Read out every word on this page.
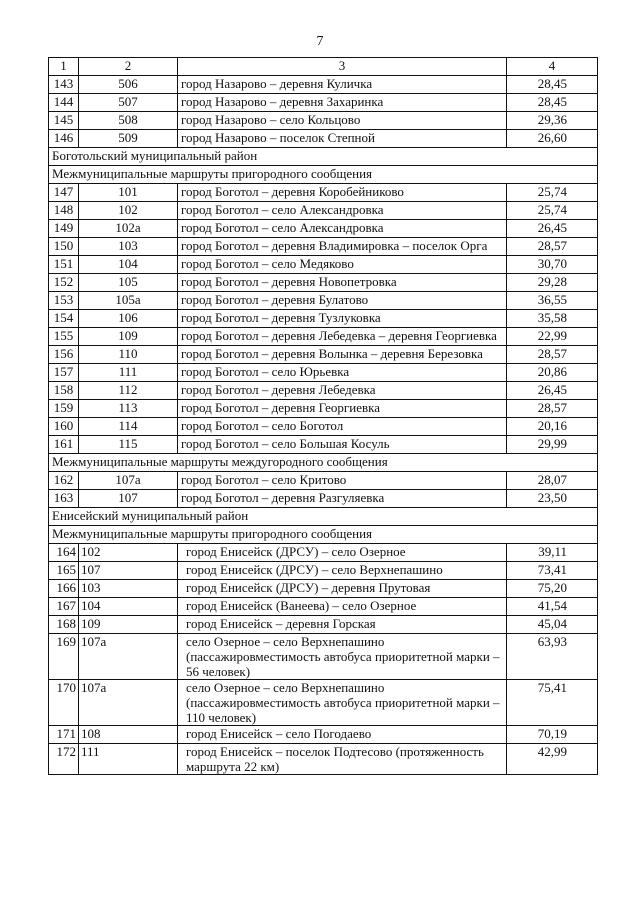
7
1	2	3	4
143	506	город Назарово – деревня Куличка	28,45
144	507	город Назарово – деревня Захаринка	28,45
145	508	город Назарово – село Кольцово	29,36
146	509	город Назарово – поселок Степной	26,60
Боготольский муниципальный район			
Межмуниципальные маршруты пригородного сообщения			
147	101	город Боготол – деревня Коробейниково	25,74
148	102	город Боготол – село Александровка	25,74
149	102а	город Боготол – село Александровка	26,45
150	103	город Боготол – деревня Владимировка – поселок Орга	28,57
151	104	город Боготол – село Медяково	30,70
152	105	город Боготол – деревня Новопетровка	29,28
153	105а	город Боготол – деревня Булатово	36,55
154	106	город Боготол – деревня Тузлуковка	35,58
155	109	город Боготол – деревня Лебедевка – деревня Георгиевка	22,99
156	110	город Боготол – деревня Волынка – деревня Березовка	28,57
157	111	город Боготол – село Юрьевка	20,86
158	112	город Боготол – деревня Лебедевка	26,45
159	113	город Боготол – деревня Георгиевка	28,57
160	114	город Боготол – село Боготол	20,16
161	115	город Боготол – село Большая Косуль	29,99
Межмуниципальные маршруты междугородного сообщения			
162	107а	город Боготол – село Критово	28,07
163	107	город Боготол – деревня Разгуляевка	23,50
Енисейский муниципальный район			
Межмуниципальные маршруты пригородного сообщения			
164	102	город Енисейск (ДРСУ) – село Озерное	39,11
165	107	город Енисейск (ДРСУ) – село Верхнепашино	73,41
166	103	город Енисейск (ДРСУ) – деревня Прутовая	75,20
167	104	город Енисейск (Ванеева) – село Озерное	41,54
168	109	город Енисейск – деревня Горская	45,04
169	107а	село Озерное – село Верхнепашино (пассажировместимость автобуса приоритетной марки – 56 человек)	63,93
170	107а	село Озерное – село Верхнепашино (пассажировместимость автобуса приоритетной марки – 110 человек)	75,41
171	108	город Енисейск – село Погодаево	70,19
172	111	город Енисейск – поселок Подтесово (протяженность маршрута 22 км)	42,99
